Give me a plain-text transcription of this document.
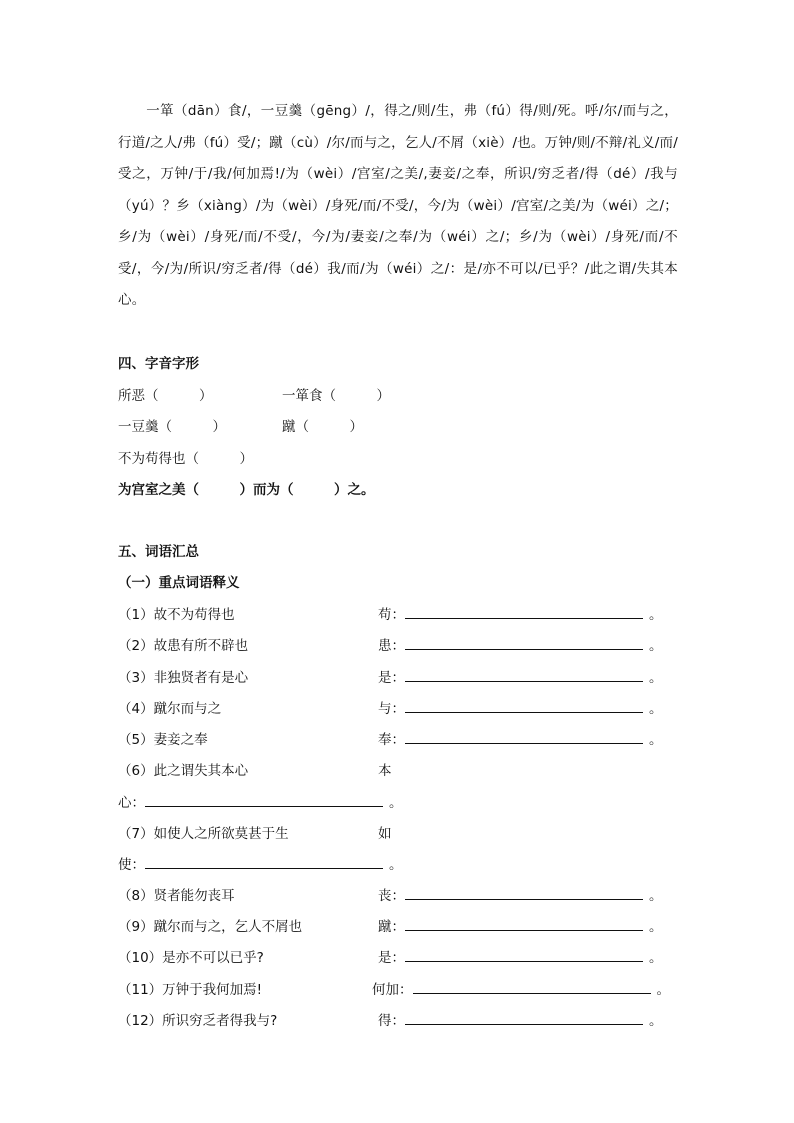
一箪（dān）食/，一豆羹（gēng）/，得之/则/生，弗（fú）得/则/死。呼/尔/而与之，行道/之人/弗（fú）受/；蹴（cù）/尔/而与之，乞人/不屑（xiè）/也。万钟/则/不辩/礼义/而/受之，万钟/于/我/何加焉!/为（wèi）/宫室/之美/,妻妾/之奉，所识/穷乏者/得（dé）/我与（yú）？乡（xiàng）/为（wèi）/身死/而/不受/，今/为（wèi）/宫室/之美/为（wéi）之/；乡/为（wèi）/身死/而/不受/，今/为/妻妾/之奉/为（wéi）之/；乡/为（wèi）/身死/而/不受/，今/为/所识/穷乏者/得（dé）我/而/为（wéi）之/：是/亦不可以/已乎？/此之谓/失其本心。
四、字音字形
所恶（　　　）	一箪食（　　　）
一豆羹（　　　）	蹴（　　　）
不为苟得也（　　　）
为宫室之美（　　　）而为（　　　）之。
五、词语汇总
（一）重点词语释义
（1）故不为苟得也	苟：	。
（2）故患有所不辟也	患：	。
（3）非独贤者有是心	是：	。
（4）蹴尔而与之	与：	。
（5）妻妾之奉	奉：	。
（6）此之谓失其本心	本
心：	。
（7）如使人之所欲莫甚于生	如
使：	。
（8）贤者能勿丧耳	丧：	。
（9）蹴尔而与之，乞人不屑也	蹴：	。
（10）是亦不可以已乎?	是：	。
（11）万钟于我何加焉!	何加：	。
（12）所识穷乏者得我与?	得：	。
